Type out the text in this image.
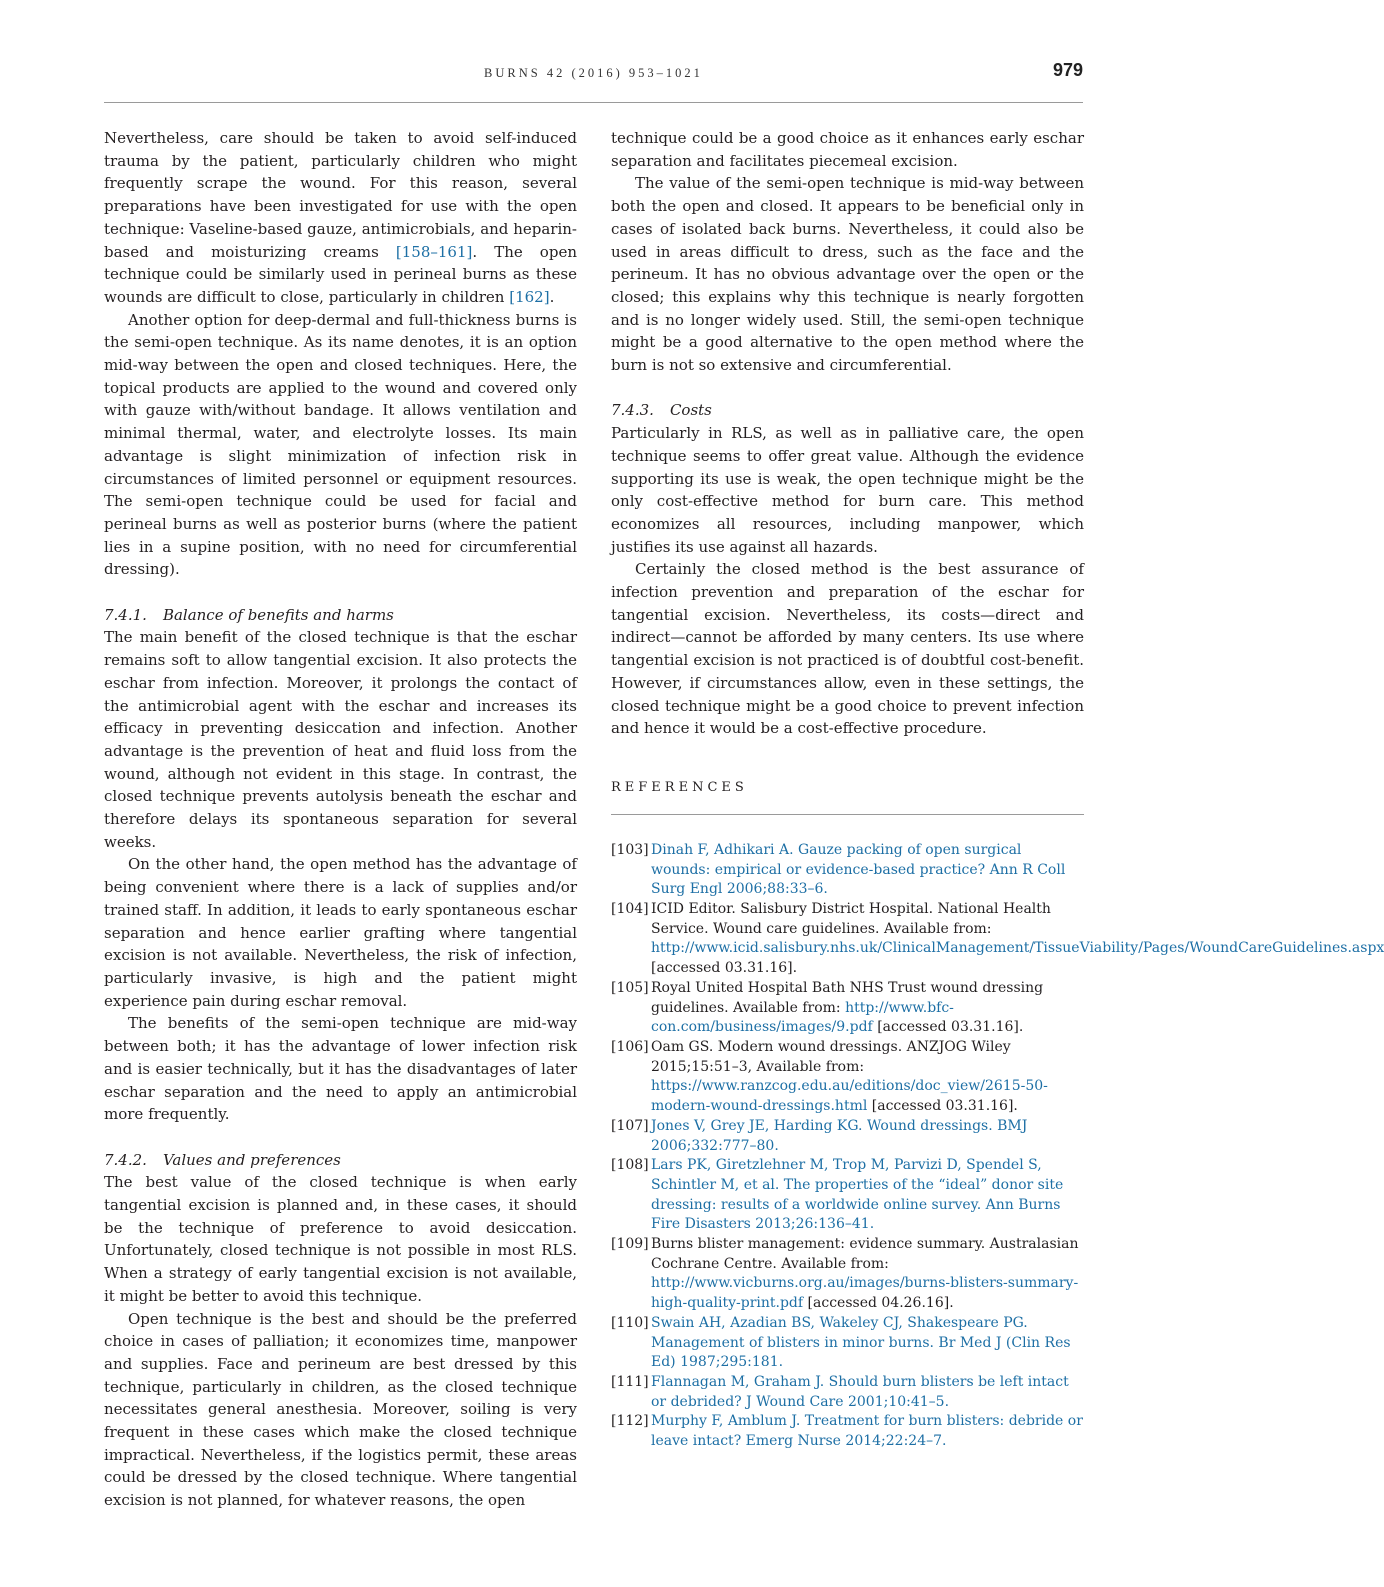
BURNS 42 (2016) 953–1021	979

Nevertheless, care should be taken to avoid self-induced trauma by the patient, particularly children who might frequently scrape the wound. For this reason, several preparations have been investigated for use with the open technique: Vaseline-based gauze, antimicrobials, and heparin-based and moisturizing creams [158–161]. The open technique could be similarly used in perineal burns as these wounds are difficult to close, particularly in children [162].

Another option for deep-dermal and full-thickness burns is the semi-open technique. As its name denotes, it is an option mid-way between the open and closed techniques. Here, the topical products are applied to the wound and covered only with gauze with/without bandage. It allows ventilation and minimal thermal, water, and electrolyte losses. Its main advantage is slight minimization of infection risk in circumstances of limited personnel or equipment resources. The semi-open technique could be used for facial and perineal burns as well as posterior burns (where the patient lies in a supine position, with no need for circumferential dressing).

7.4.1. Balance of benefits and harms

The main benefit of the closed technique is that the eschar remains soft to allow tangential excision. It also protects the eschar from infection. Moreover, it prolongs the contact of the antimicrobial agent with the eschar and increases its efficacy in preventing desiccation and infection. Another advantage is the prevention of heat and fluid loss from the wound, although not evident in this stage. In contrast, the closed technique prevents autolysis beneath the eschar and therefore delays its spontaneous separation for several weeks.

On the other hand, the open method has the advantage of being convenient where there is a lack of supplies and/or trained staff. In addition, it leads to early spontaneous eschar separation and hence earlier grafting where tangential excision is not available. Nevertheless, the risk of infection, particularly invasive, is high and the patient might experience pain during eschar removal.

The benefits of the semi-open technique are mid-way between both; it has the advantage of lower infection risk and is easier technically, but it has the disadvantages of later eschar separation and the need to apply an antimicrobial more frequently.

7.4.2. Values and preferences

The best value of the closed technique is when early tangential excision is planned and, in these cases, it should be the technique of preference to avoid desiccation. Unfortunately, closed technique is not possible in most RLS. When a strategy of early tangential excision is not available, it might be better to avoid this technique.

Open technique is the best and should be the preferred choice in cases of palliation; it economizes time, manpower and supplies. Face and perineum are best dressed by this technique, particularly in children, as the closed technique necessitates general anesthesia. Moreover, soiling is very frequent in these cases which make the closed technique impractical. Nevertheless, if the logistics permit, these areas could be dressed by the closed technique. Where tangential excision is not planned, for whatever reasons, the open

technique could be a good choice as it enhances early eschar separation and facilitates piecemeal excision.

The value of the semi-open technique is mid-way between both the open and closed. It appears to be beneficial only in cases of isolated back burns. Nevertheless, it could also be used in areas difficult to dress, such as the face and the perineum. It has no obvious advantage over the open or the closed; this explains why this technique is nearly forgotten and is no longer widely used. Still, the semi-open technique might be a good alternative to the open method where the burn is not so extensive and circumferential.

7.4.3. Costs

Particularly in RLS, as well as in palliative care, the open technique seems to offer great value. Although the evidence supporting its use is weak, the open technique might be the only cost-effective method for burn care. This method economizes all resources, including manpower, which justifies its use against all hazards.

Certainly the closed method is the best assurance of infection prevention and preparation of the eschar for tangential excision. Nevertheless, its costs—direct and indirect—cannot be afforded by many centers. Its use where tangential excision is not practiced is of doubtful cost-benefit. However, if circumstances allow, even in these settings, the closed technique might be a good choice to prevent infection and hence it would be a cost-effective procedure.

REFERENCES
[103] Dinah F, Adhikari A. Gauze packing of open surgical wounds: empirical or evidence-based practice? Ann R Coll Surg Engl 2006;88:33–6.
[104] ICID Editor. Salisbury District Hospital. National Health Service. Wound care guidelines. Available from: http://www.icid.salisbury.nhs.uk/ClinicalManagement/TissueViability/Pages/WoundCareGuidelines.aspx [accessed 03.31.16].
[105] Royal United Hospital Bath NHS Trust wound dressing guidelines. Available from: http://www.bfc-con.com/business/images/9.pdf [accessed 03.31.16].
[106] Oam GS. Modern wound dressings. ANZJOG Wiley 2015;15:51–3, Available from: https://www.ranzcog.edu.au/editions/doc_view/2615-50-modern-wound-dressings.html [accessed 03.31.16].
[107] Jones V, Grey JE, Harding KG. Wound dressings. BMJ 2006;332:777–80.
[108] Lars PK, Giretzlehner M, Trop M, Parvizi D, Spendel S, Schintler M, et al. The properties of the “ideal” donor site dressing: results of a worldwide online survey. Ann Burns Fire Disasters 2013;26:136–41.
[109] Burns blister management: evidence summary. Australasian Cochrane Centre. Available from: http://www.vicburns.org.au/images/burns-blisters-summary-high-quality-print.pdf [accessed 04.26.16].
[110] Swain AH, Azadian BS, Wakeley CJ, Shakespeare PG. Management of blisters in minor burns. Br Med J (Clin Res Ed) 1987;295:181.
[111] Flannagan M, Graham J. Should burn blisters be left intact or debrided? J Wound Care 2001;10:41–5.
[112] Murphy F, Amblum J. Treatment for burn blisters: debride or leave intact? Emerg Nurse 2014;22:24–7.
